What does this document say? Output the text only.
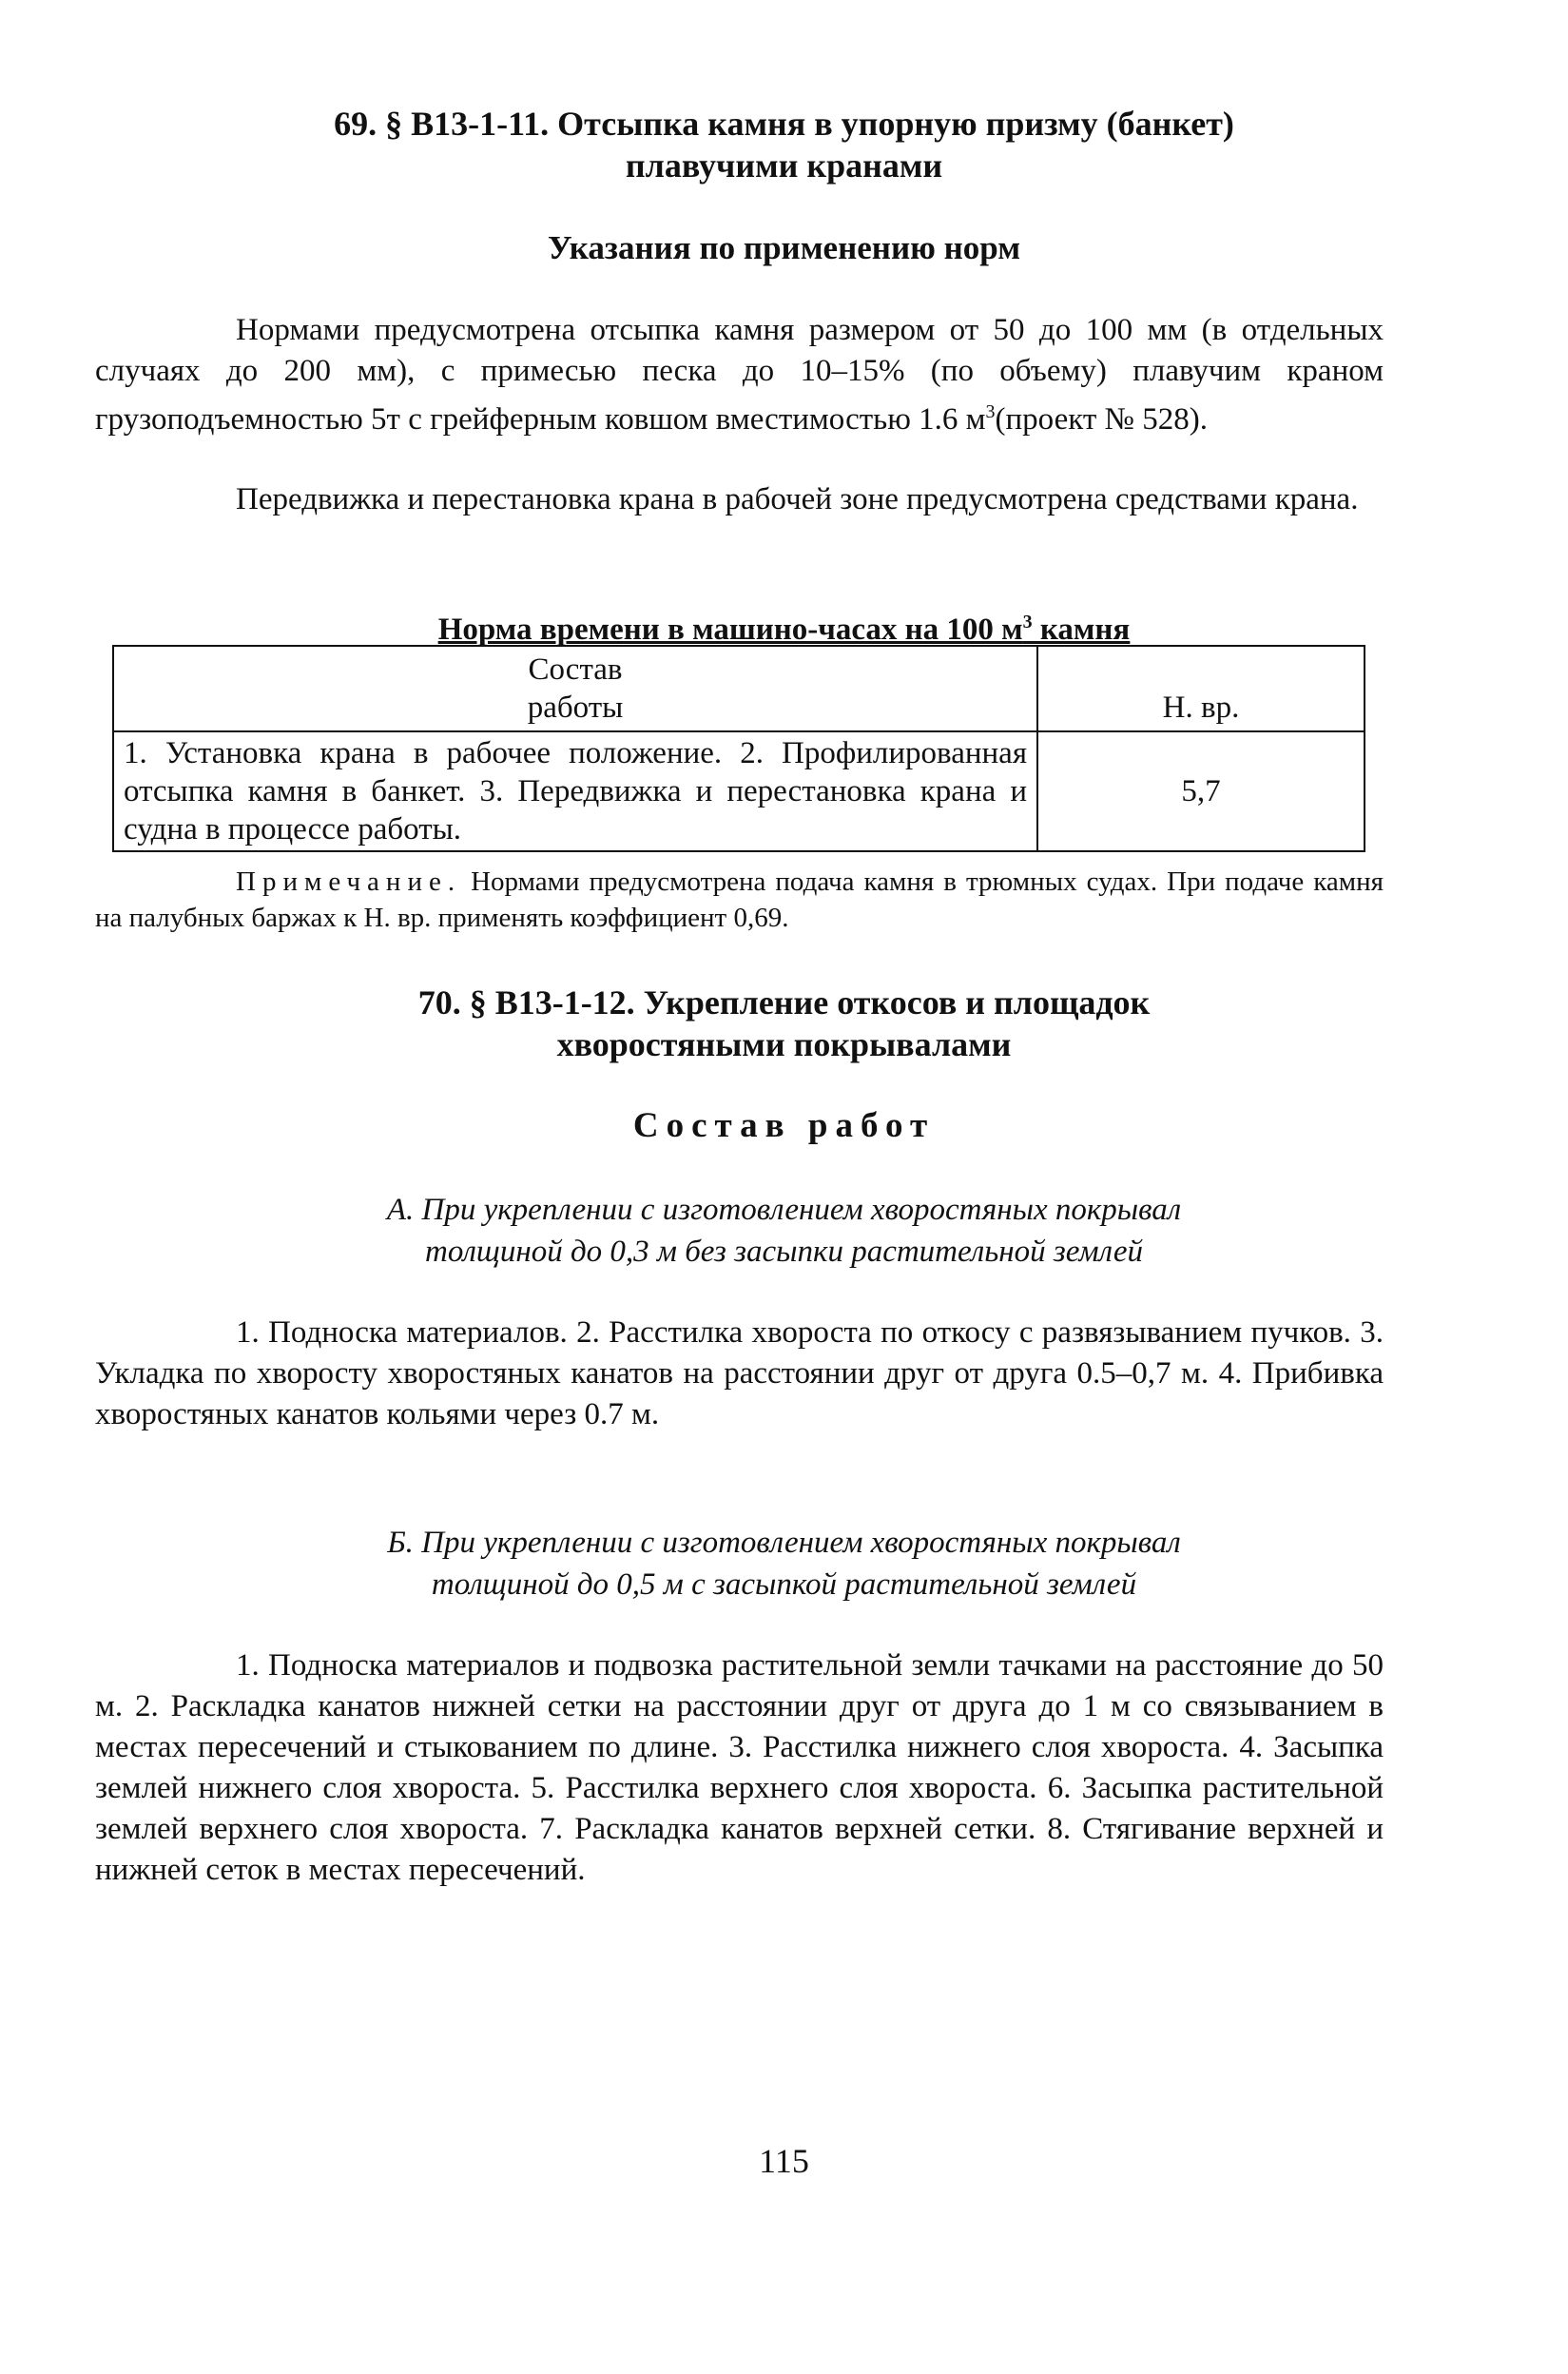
69. § В13-1-11. Отсыпка камня в упорную призму (банкет)
плавучими кранами
Указания по применению норм
Нормами предусмотрена отсыпка камня размером от 50 до 100 мм (в отдельных случаях до 200 мм), с примесью песка до 10–15% (по объему) плавучим краном грузоподъемностью 5т с грейферным ковшом вместимостью 1.6 $м^3(проект$ № 528).
Передвижка и перестановка крана в рабочей зоне предусмотрена средствами крана.
Норма времени в машино-часах на 100 $м^3$ камня
Состав
работы	Н. вр.
1. Установка крана в рабочее положение. 2. Профилированная отсыпка камня в банкет. 3. Передвижка и перестановка крана и судна в процессе работы.	5,7
Примечание. Нормами предусмотрена подача камня в трюмных судах. При подаче камня на палубных баржах к Н. вр. применять коэффициент 0,69.
70. § В13-1-12. Укрепление откосов и площадок
хворостяными покрывалами
Состав работ
А. При укреплении с изготовлением хворостяных покрывал
толщиной до 0,3 м без засыпки растительной землей
1. Подноска материалов. 2. Расстилка хвороста по откосу с развязыванием пучков. 3. Укладка по хворосту хворостяных канатов на расстоянии друг от друга 0.5–0,7 м. 4. Прибивка хворостяных канатов кольями через 0.7 м.
Б. При укреплении с изготовлением хворостяных покрывал
толщиной до 0,5 м с засыпкой растительной землей
1. Подноска материалов и подвозка растительной земли тачками на расстояние до 50 м. 2. Раскладка канатов нижней сетки на расстоянии друг от друга до 1 м со связыванием в местах пересечений и стыкованием по длине. 3. Расстилка нижнего слоя хвороста. 4. Засыпка землей нижнего слоя хвороста. 5. Расстилка верхнего слоя хвороста. 6. Засыпка растительной землей верхнего слоя хвороста. 7. Раскладка канатов верхней сетки. 8. Стягивание верхней и нижней сеток в местах пересечений.
115
